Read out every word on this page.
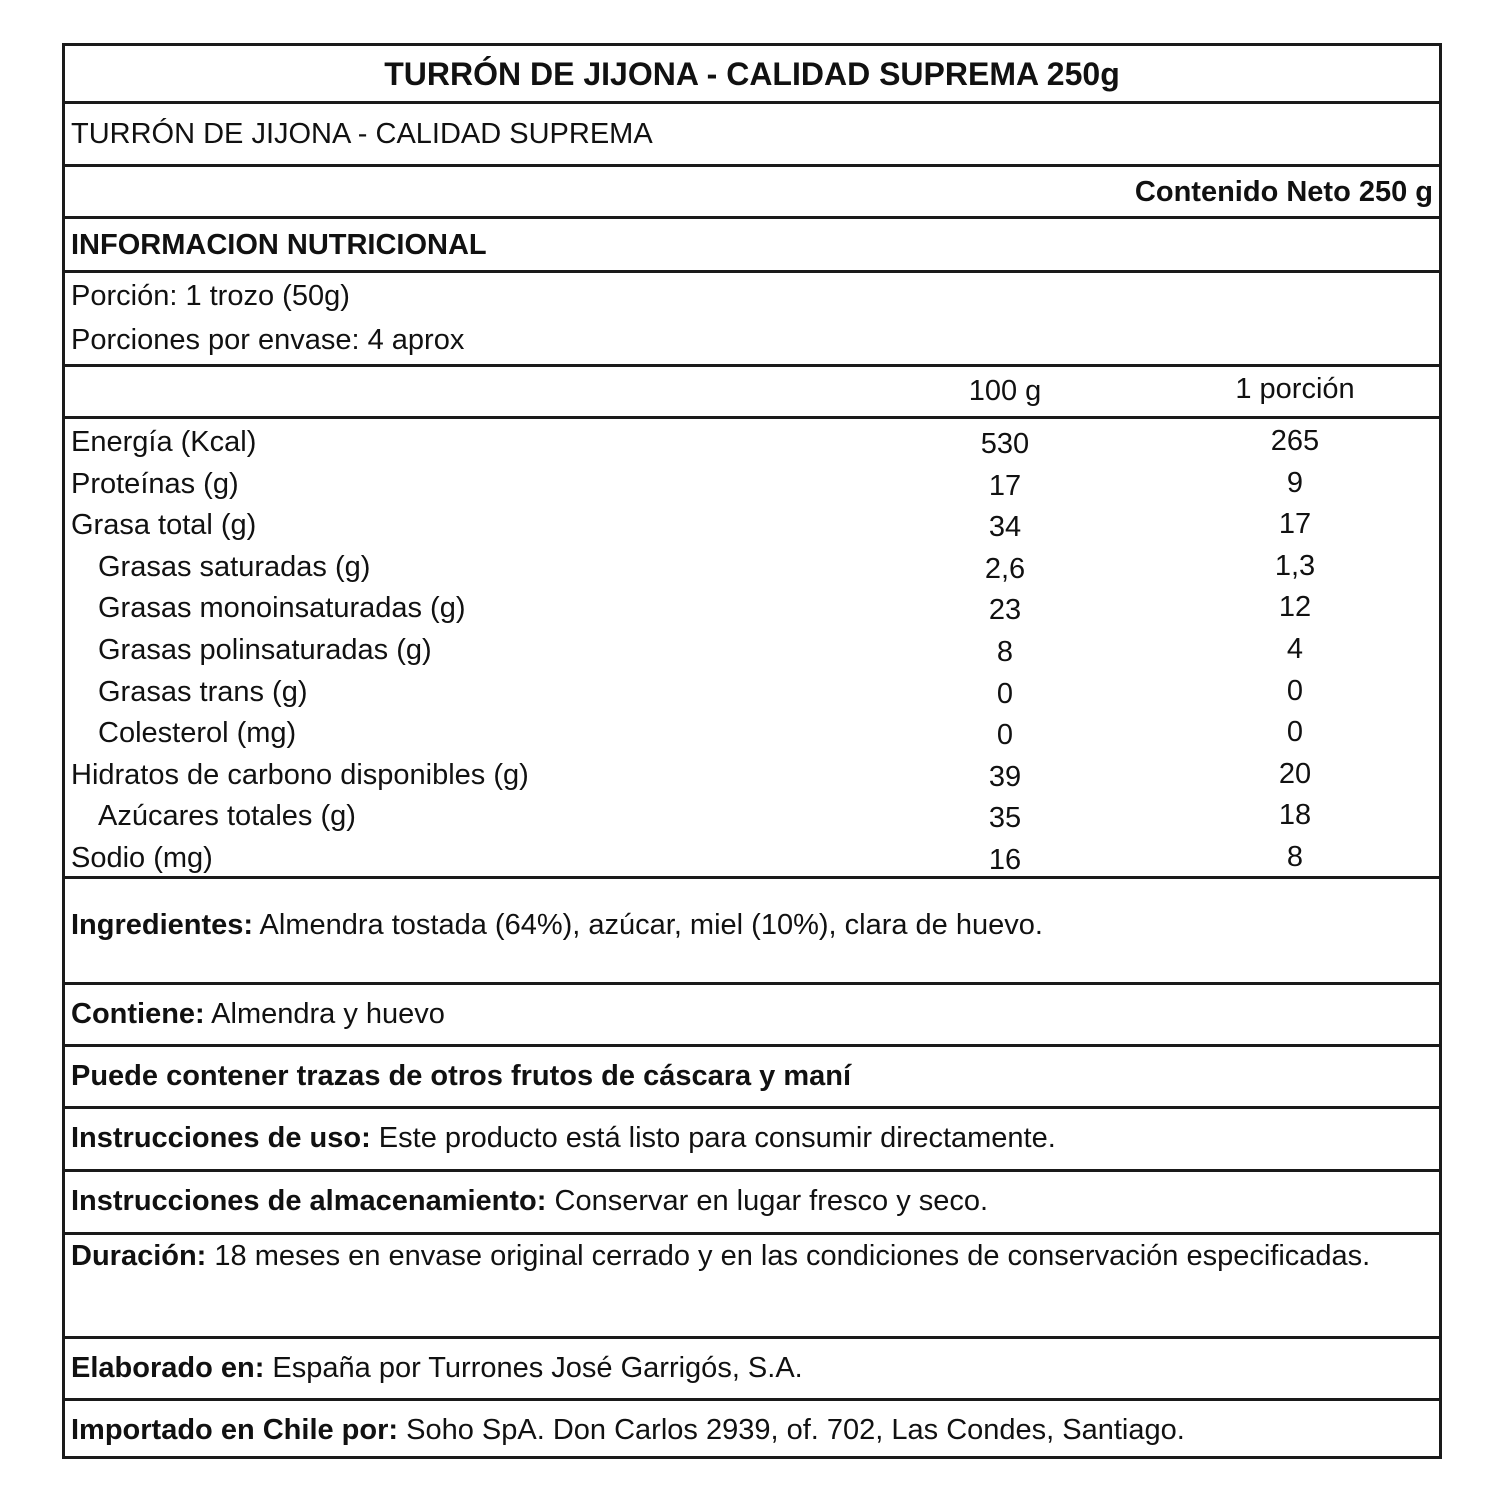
TURRÓN DE JIJONA - CALIDAD SUPREMA 250g
TURRÓN DE JIJONA - CALIDAD SUPREMA
Contenido Neto 250 g
INFORMACION NUTRICIONAL
Porción: 1 trozo (50g)
Porciones por envase: 4 aprox
100 g	1 porción
Energía (Kcal)	530	265
Proteínas (g)	17	9
Grasa total (g)	34	17
Grasas saturadas (g)	2,6	1,3
Grasas monoinsaturadas (g)	23	12
Grasas polinsaturadas (g)	8	4
Grasas trans (g)	0	0
Colesterol (mg)	0	0
Hidratos de carbono disponibles (g)	39	20
Azúcares totales (g)	35	18
Sodio (mg)	16	8
Ingredientes: Almendra tostada (64%), azúcar, miel (10%), clara de huevo.
Contiene: Almendra y huevo
Puede contener trazas de otros frutos de cáscara y maní
Instrucciones de uso: Este producto está listo para consumir directamente.
Instrucciones de almacenamiento: Conservar en lugar fresco y seco.
Duración: 18 meses en envase original cerrado y en las condiciones de conservación especificadas.
Elaborado en: España por Turrones José Garrigós, S.A.
Importado en Chile por: Soho SpA. Don Carlos 2939, of. 702, Las Condes, Santiago.
